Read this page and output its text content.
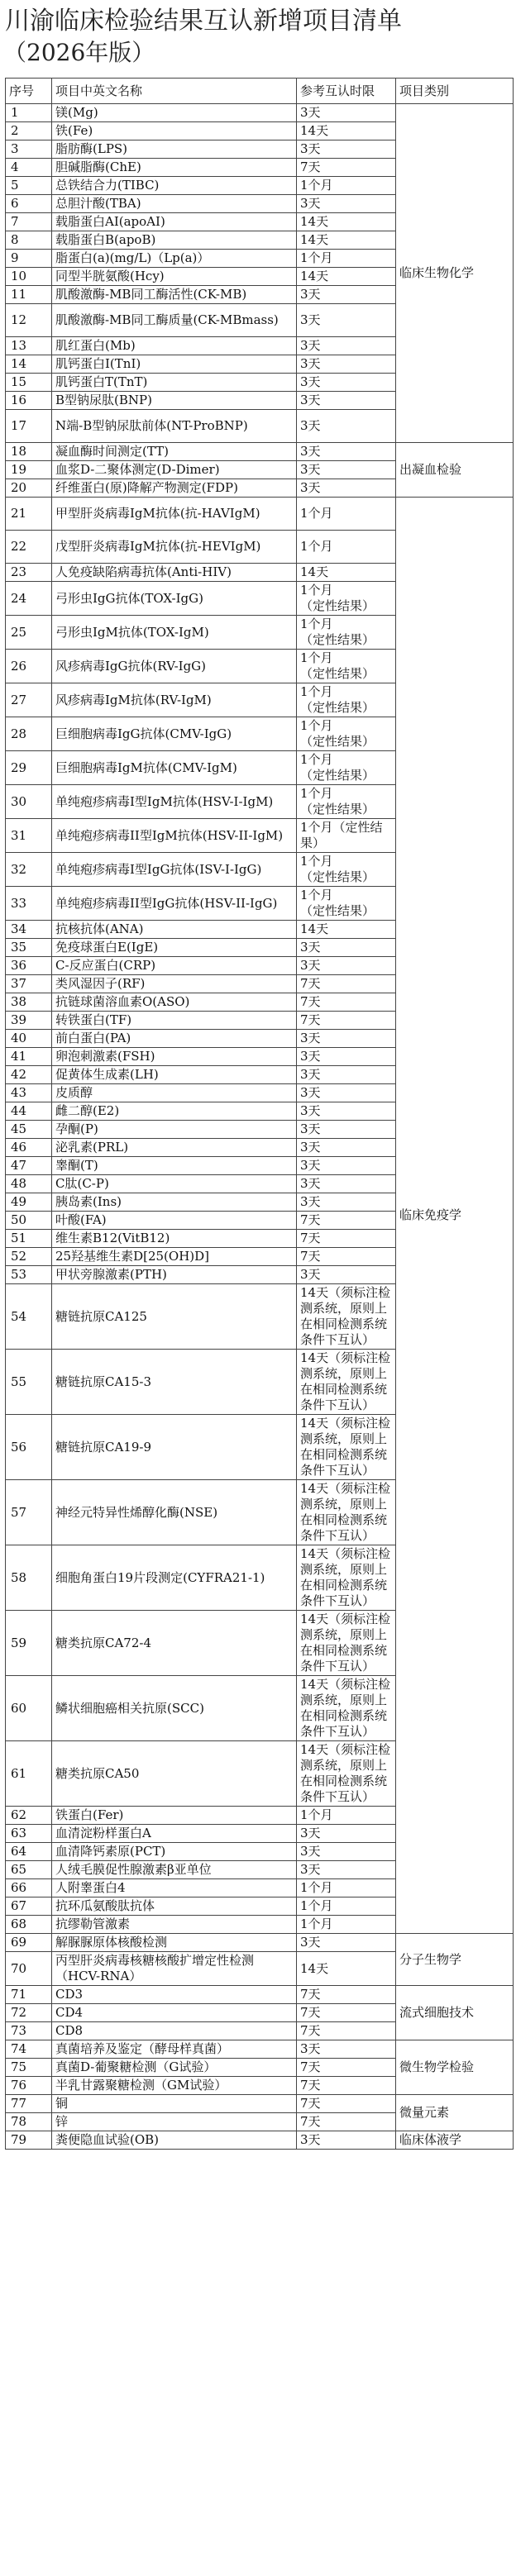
川渝临床检验结果互认新增项目清单
（2026年版）
序号	项目中英文名称	参考互认时限	项目类别
1	镁(Mg)	3天	临床生物化学
2	铁(Fe)	14天	
3	脂肪酶(LPS)	3天	
4	胆碱脂酶(ChE)	7天	
5	总铁结合力(TIBC)	1个月	
6	总胆汁酸(TBA)	3天	
7	载脂蛋白AI(apoAI)	14天	
8	载脂蛋白B(apoB)	14天	
9	脂蛋白(a)(mg/L)（Lp(a)）	1个月	
10	同型半胱氨酸(Hcy)	14天	
11	肌酸激酶-MB同工酶活性(CK-MB)	3天	
12	肌酸激酶-MB同工酶质量(CK-MBmass)	3天	
13	肌红蛋白(Mb)	3天	
14	肌钙蛋白I(TnI)	3天	
15	肌钙蛋白T(TnT)	3天	
16	B型钠尿肽(BNP)	3天	
17	N端-B型钠尿肽前体(NT-ProBNP)	3天	
18	凝血酶时间测定(TT)	3天	出凝血检验
19	血浆D-二聚体测定(D-Dimer)	3天	
20	纤维蛋白(原)降解产物测定(FDP)	3天	
21	甲型肝炎病毒IgM抗体(抗-HAVIgM)	1个月	临床免疫学
22	戊型肝炎病毒IgM抗体(抗-HEVIgM)	1个月	
23	人免疫缺陷病毒抗体(Anti-HIV)	14天	
24	弓形虫IgG抗体(TOX-IgG)	1个月
（定性结果）	
25	弓形虫IgM抗体(TOX-IgM)	1个月
（定性结果）	
26	风疹病毒IgG抗体(RV-IgG)	1个月
（定性结果）	
27	风疹病毒IgM抗体(RV-IgM)	1个月
（定性结果）	
28	巨细胞病毒IgG抗体(CMV-IgG)	1个月
（定性结果）	
29	巨细胞病毒IgM抗体(CMV-IgM)	1个月
（定性结果）	
30	单纯疱疹病毒I型IgM抗体(HSV-I-IgM)	1个月
（定性结果）	
31	单纯疱疹病毒II型IgM抗体(HSV-II-IgM)	1个月（定性结果）	
32	单纯疱疹病毒I型IgG抗体(ISV-I-IgG)	1个月
（定性结果）	
33	单纯疱疹病毒II型IgG抗体(HSV-II-IgG)	1个月
（定性结果）	
34	抗核抗体(ANA)	14天	
35	免疫球蛋白E(IgE)	3天	
36	C-反应蛋白(CRP)	3天	
37	类风湿因子(RF)	7天	
38	抗链球菌溶血素O(ASO)	7天	
39	转铁蛋白(TF)	7天	
40	前白蛋白(PA)	3天	
41	卵泡刺激素(FSH)	3天	
42	促黄体生成素(LH)	3天	
43	皮质醇	3天	
44	雌二醇(E2)	3天	
45	孕酮(P)	3天	
46	泌乳素(PRL)	3天	
47	睾酮(T)	3天	
48	C肽(C-P)	3天	
49	胰岛素(Ins)	3天	
50	叶酸(FA)	7天	
51	维生素B12(VitB12)	7天	
52	25羟基维生素D[25(OH)D]	7天	
53	甲状旁腺激素(PTH)	3天	
54	糖链抗原CA125	14天（须标注检测系统，原则上在相同检测系统条件下互认）	
55	糖链抗原CA15-3	14天（须标注检测系统，原则上在相同检测系统条件下互认）	
56	糖链抗原CA19-9	14天（须标注检测系统，原则上在相同检测系统条件下互认）	
57	神经元特异性烯醇化酶(NSE)	14天（须标注检测系统，原则上在相同检测系统条件下互认）	
58	细胞角蛋白19片段测定(CYFRA21-1)	14天（须标注检测系统，原则上在相同检测系统条件下互认）	
59	糖类抗原CA72-4	14天（须标注检测系统，原则上在相同检测系统条件下互认）	
60	鳞状细胞癌相关抗原(SCC)	14天（须标注检测系统，原则上在相同检测系统条件下互认）	
61	糖类抗原CA50	14天（须标注检测系统，原则上在相同检测系统条件下互认）	
62	铁蛋白(Fer)	1个月	
63	血清淀粉样蛋白A	3天	
64	血清降钙素原(PCT)	3天	
65	人绒毛膜促性腺激素β亚单位	3天	
66	人附睾蛋白4	1个月	
67	抗环瓜氨酸肽抗体	1个月	
68	抗缪勒管激素	1个月	
69	解脲脲原体核酸检测	3天	分子生物学
70	丙型肝炎病毒核糖核酸扩增定性检测（HCV-RNA）	14天	
71	CD3	7天	流式细胞技术
72	CD4	7天	
73	CD8	7天	
74	真菌培养及鉴定（酵母样真菌）	3天	微生物学检验
75	真菌D-葡聚糖检测（G试验）	7天	
76	半乳甘露聚糖检测（GM试验）	7天	
77	铜	7天	微量元素
78	锌	7天	
79	粪便隐血试验(OB)	3天	临床体液学
